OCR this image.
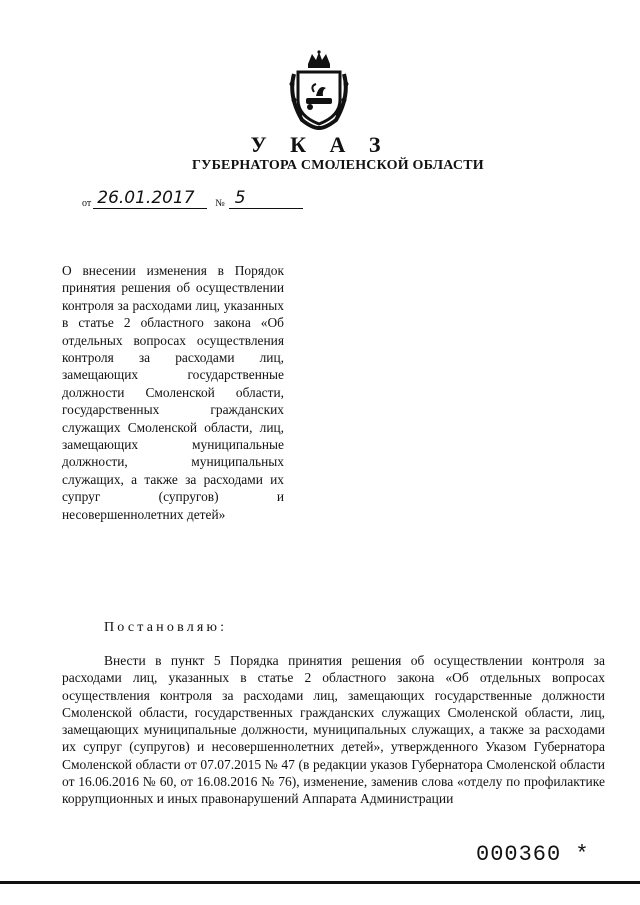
У К А З
ГУБЕРНАТОРА СМОЛЕНСКОЙ ОБЛАСТИ
от 26.01.2017	№ 5
О внесении изменения в Порядок принятия решения об осуществлении контроля за расходами лиц, указанных в статье 2 областного закона «Об отдельных вопросах осуществления контроля за расходами лиц, замещающих государственные должности Смоленской области, государственных гражданских служащих Смоленской области, лиц, замещающих муниципальные должности, муниципальных служащих, а также за расходами их супруг (супругов) и несовершеннолетних детей»
Постановляю:
Внести в пункт 5 Порядка принятия решения об осуществлении контроля за расходами лиц, указанных в статье 2 областного закона «Об отдельных вопросах осуществления контроля за расходами лиц, замещающих государственные должности Смоленской области, государственных гражданских служащих Смоленской области, лиц, замещающих муниципальные должности, муниципальных служащих, а также за расходами их супруг (супругов) и несовершеннолетних детей», утвержденного Указом Губернатора Смоленской области от 07.07.2015 № 47 (в редакции указов Губернатора Смоленской области от 16.06.2016 № 60, от 16.08.2016 № 76), изменение, заменив слова «отделу по профилактике коррупционных и иных правонарушений Аппарата Администрации
000360 *
